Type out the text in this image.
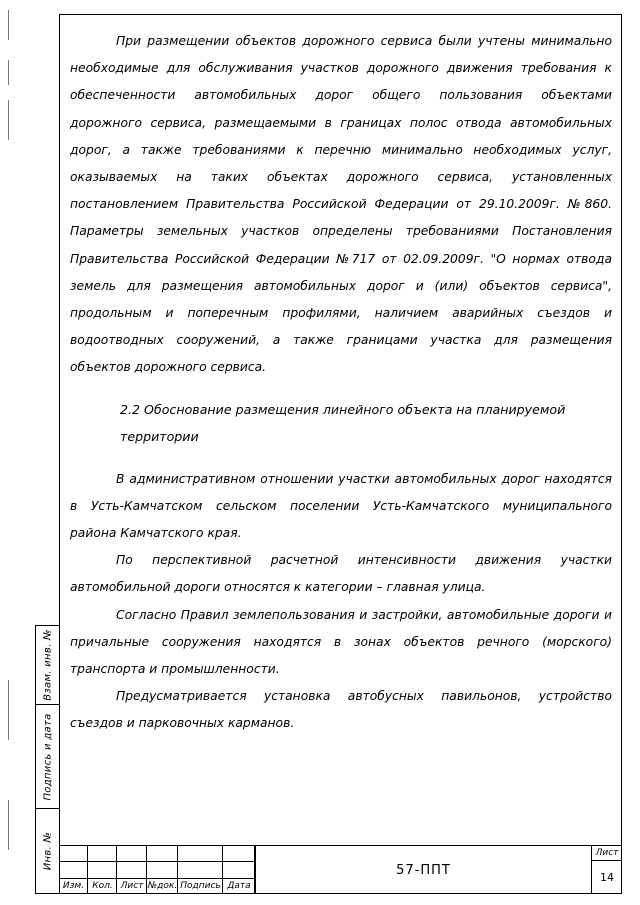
При размещении объектов дорожного сервиса были учтены минимально необходимые для обслуживания участков дорожного движения требования к обеспеченности автомобильных дорог общего пользования объектами дорожного сервиса, размещаемыми в границах полос отвода автомобильных дорог, а также требованиями к перечню минимально необходимых услуг, оказываемых на таких объектах дорожного сервиса, установленных постановлением Правительства Российской Федерации от 29.10.2009г. №860. Параметры земельных участков определены требованиями Постановления Правительства Российской Федерации №717 от 02.09.2009г. "О нормах отвода земель для размещения автомобильных дорог и (или) объектов сервиса", продольным и поперечным профилями, наличием аварийных съездов и водоотводных сооружений, а также границами участка для размещения объектов дорожного сервиса.

2.2 Обоснование размещения линейного объекта на планируемой территории

В административном отношении участки автомобильных дорог находятся в Усть-Камчатском сельском поселении Усть-Камчатского муниципального района Камчатского края.

По перспективной расчетной интенсивности движения участки автомобильной дороги относятся к категории – главная улица.

Согласно Правил землепользования и застройки, автомобильные дороги и причальные сооружения находятся в зонах объектов речного (морского) транспорта и промышленности.

Предусматривается установка автобусных павильонов, устройство съездов и парковочных карманов.

Взам. инв. №
Подпись и дата
Инв. №
Изм. Кол. Лист №док. Подпись Дата
57-ППТ
Лист
14
